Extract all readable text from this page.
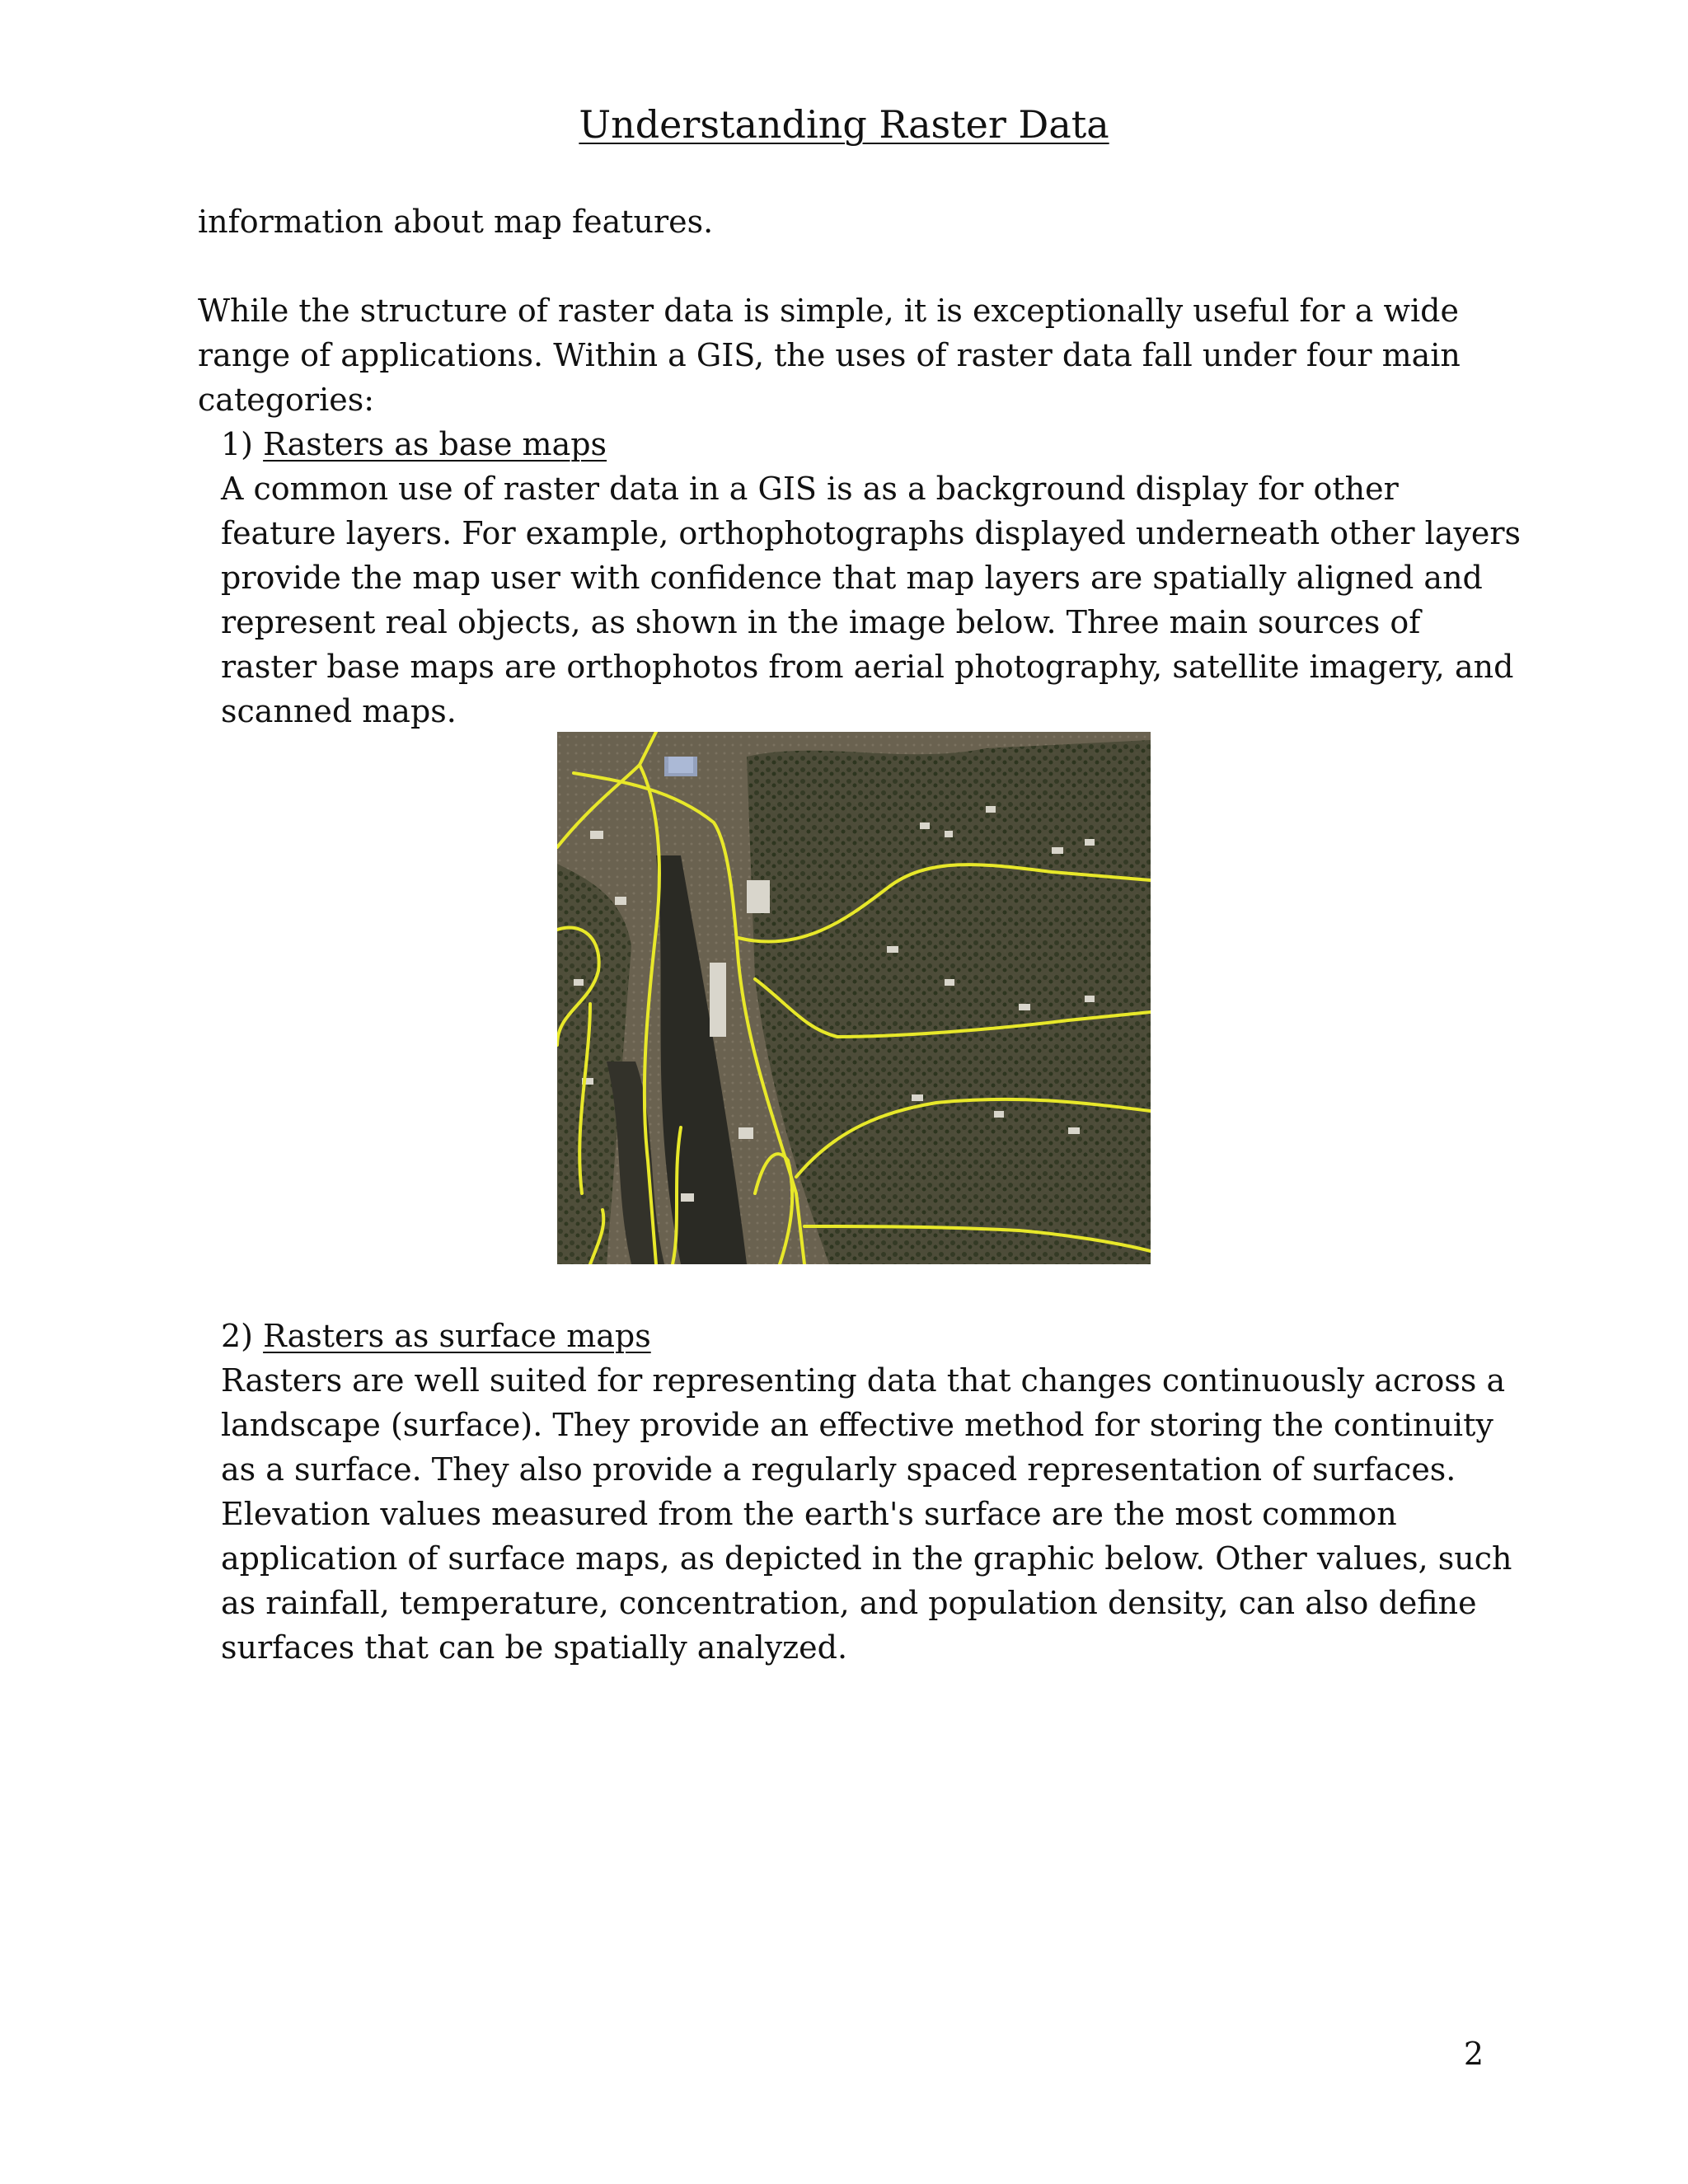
Understanding Raster Data

information about map features.

While the structure of raster data is simple, it is exceptionally useful for a wide range of applications. Within a GIS, the uses of raster data fall under four main categories:

1) Rasters as base maps

A common use of raster data in a GIS is as a background display for other feature layers. For example, orthophotographs displayed underneath other layers provide the map user with confidence that map layers are spatially aligned and represent real objects, as shown in the image below. Three main sources of raster base maps are orthophotos from aerial photography, satellite imagery, and scanned maps.

2) Rasters as surface maps

Rasters are well suited for representing data that changes continuously across a landscape (surface). They provide an effective method for storing the continuity as a surface. They also provide a regularly spaced representation of surfaces. Elevation values measured from the earth's surface are the most common application of surface maps, as depicted in the graphic below. Other values, such as rainfall, temperature, concentration, and population density, can also define surfaces that can be spatially analyzed.

2
